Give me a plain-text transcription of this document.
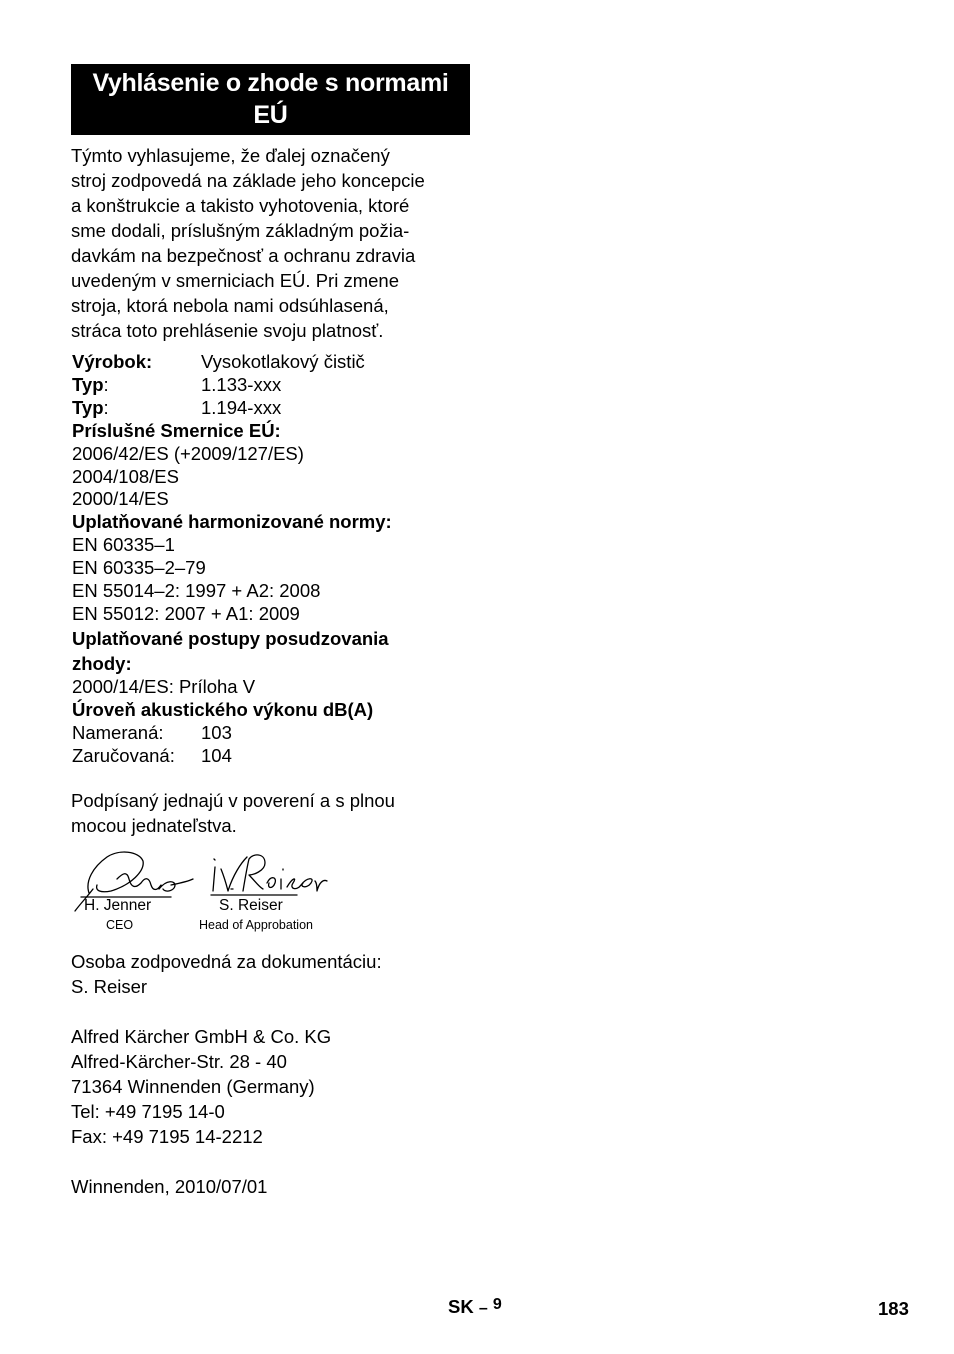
Vyhlásenie o zhode s normami
EÚ

Týmto vyhlasujeme, že ďalej označený
stroj zodpovedá na základe jeho koncepcie
a konštrukcie a takisto vyhotovenia, ktoré
sme dodali, príslušným základným požia-
davkám na bezpečnosť a ochranu zdravia
uvedeným v smerniciach EÚ. Pri zmene
stroja, ktorá nebola nami odsúhlasená,
stráca toto prehlásenie svoju platnosť.

Výrobok:	Vysokotlakový čistič
Typ:	1.133-xxx
Typ:	1.194-xxx
Príslušné Smernice EÚ:
2006/42/ES (+2009/127/ES)
2004/108/ES
2000/14/ES
Uplatňované harmonizované normy:
EN 60335–1
EN 60335–2–79
EN 55014–2: 1997 + A2: 2008
EN 55012: 2007 + A1: 2009
Uplatňované postupy posudzovania
zhody:
2000/14/ES: Príloha V
Úroveň akustického výkonu dB(A)
Nameraná: 103
Zaručovaná: 104

Podpísaný jednajú v poverení a s plnou
mocou jednateľstva.

H. Jenner
CEO
S. Reiser
Head of Approbation

Osoba zodpovedná za dokumentáciu:
S. Reiser

Alfred Kärcher GmbH & Co. KG
Alfred-Kärcher-Str. 28 - 40
71364 Winnenden (Germany)
Tel: +49 7195 14-0
Fax: +49 7195 14-2212

Winnenden, 2010/07/01

SK – 9	183
